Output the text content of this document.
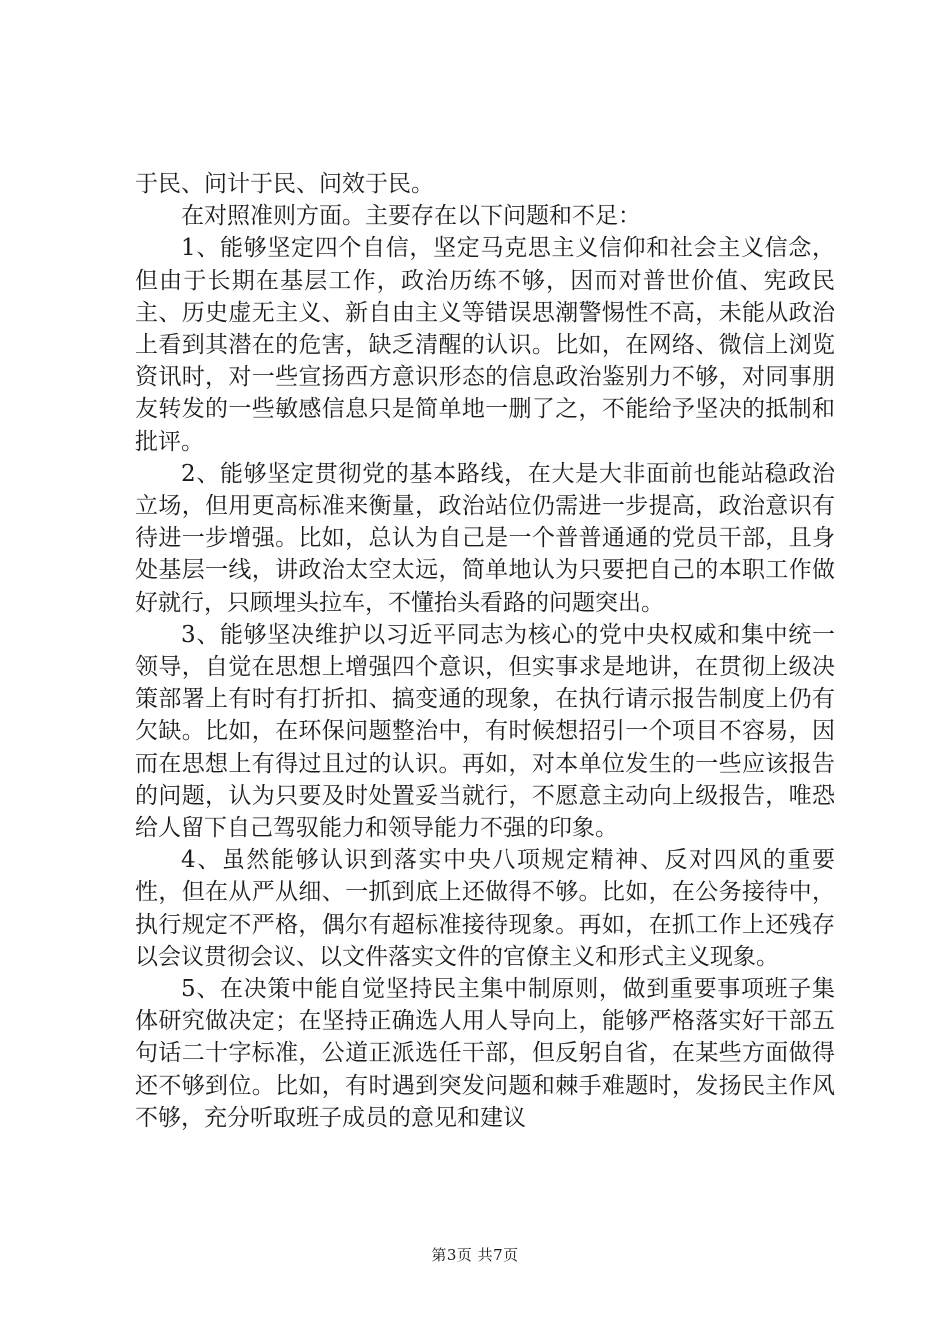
于民、问计于民、问效于民。

在对照准则方面。主要存在以下问题和不足：

1、能够坚定四个自信，坚定马克思主义信仰和社会主义信念，但由于长期在基层工作，政治历练不够，因而对普世价值、宪政民主、历史虚无主义、新自由主义等错误思潮警惕性不高，未能从政治上看到其潜在的危害，缺乏清醒的认识。比如，在网络、微信上浏览资讯时，对一些宣扬西方意识形态的信息政治鉴别力不够，对同事朋友转发的一些敏感信息只是简单地一删了之，不能给予坚决的抵制和批评。

2、能够坚定贯彻党的基本路线，在大是大非面前也能站稳政治立场，但用更高标准来衡量，政治站位仍需进一步提高，政治意识有待进一步增强。比如，总认为自己是一个普普通通的党员干部，且身处基层一线，讲政治太空太远，简单地认为只要把自己的本职工作做好就行，只顾埋头拉车，不懂抬头看路的问题突出。

3、能够坚决维护以习近平同志为核心的党中央权威和集中统一领导，自觉在思想上增强四个意识，但实事求是地讲，在贯彻上级决策部署上有时有打折扣、搞变通的现象，在执行请示报告制度上仍有欠缺。比如，在环保问题整治中，有时候想招引一个项目不容易，因而在思想上有得过且过的认识。再如，对本单位发生的一些应该报告的问题，认为只要及时处置妥当就行，不愿意主动向上级报告，唯恐给人留下自己驾驭能力和领导能力不强的印象。

4、虽然能够认识到落实中央八项规定精神、反对四风的重要性，但在从严从细、一抓到底上还做得不够。比如，在公务接待中，执行规定不严格，偶尔有超标准接待现象。再如，在抓工作上还残存以会议贯彻会议、以文件落实文件的官僚主义和形式主义现象。

5、在决策中能自觉坚持民主集中制原则，做到重要事项班子集体研究做决定；在坚持正确选人用人导向上，能够严格落实好干部五句话二十字标准，公道正派选任干部，但反躬自省，在某些方面做得还不够到位。比如，有时遇到突发问题和棘手难题时，发扬民主作风不够，充分听取班子成员的意见和建议

第3页 共7页
